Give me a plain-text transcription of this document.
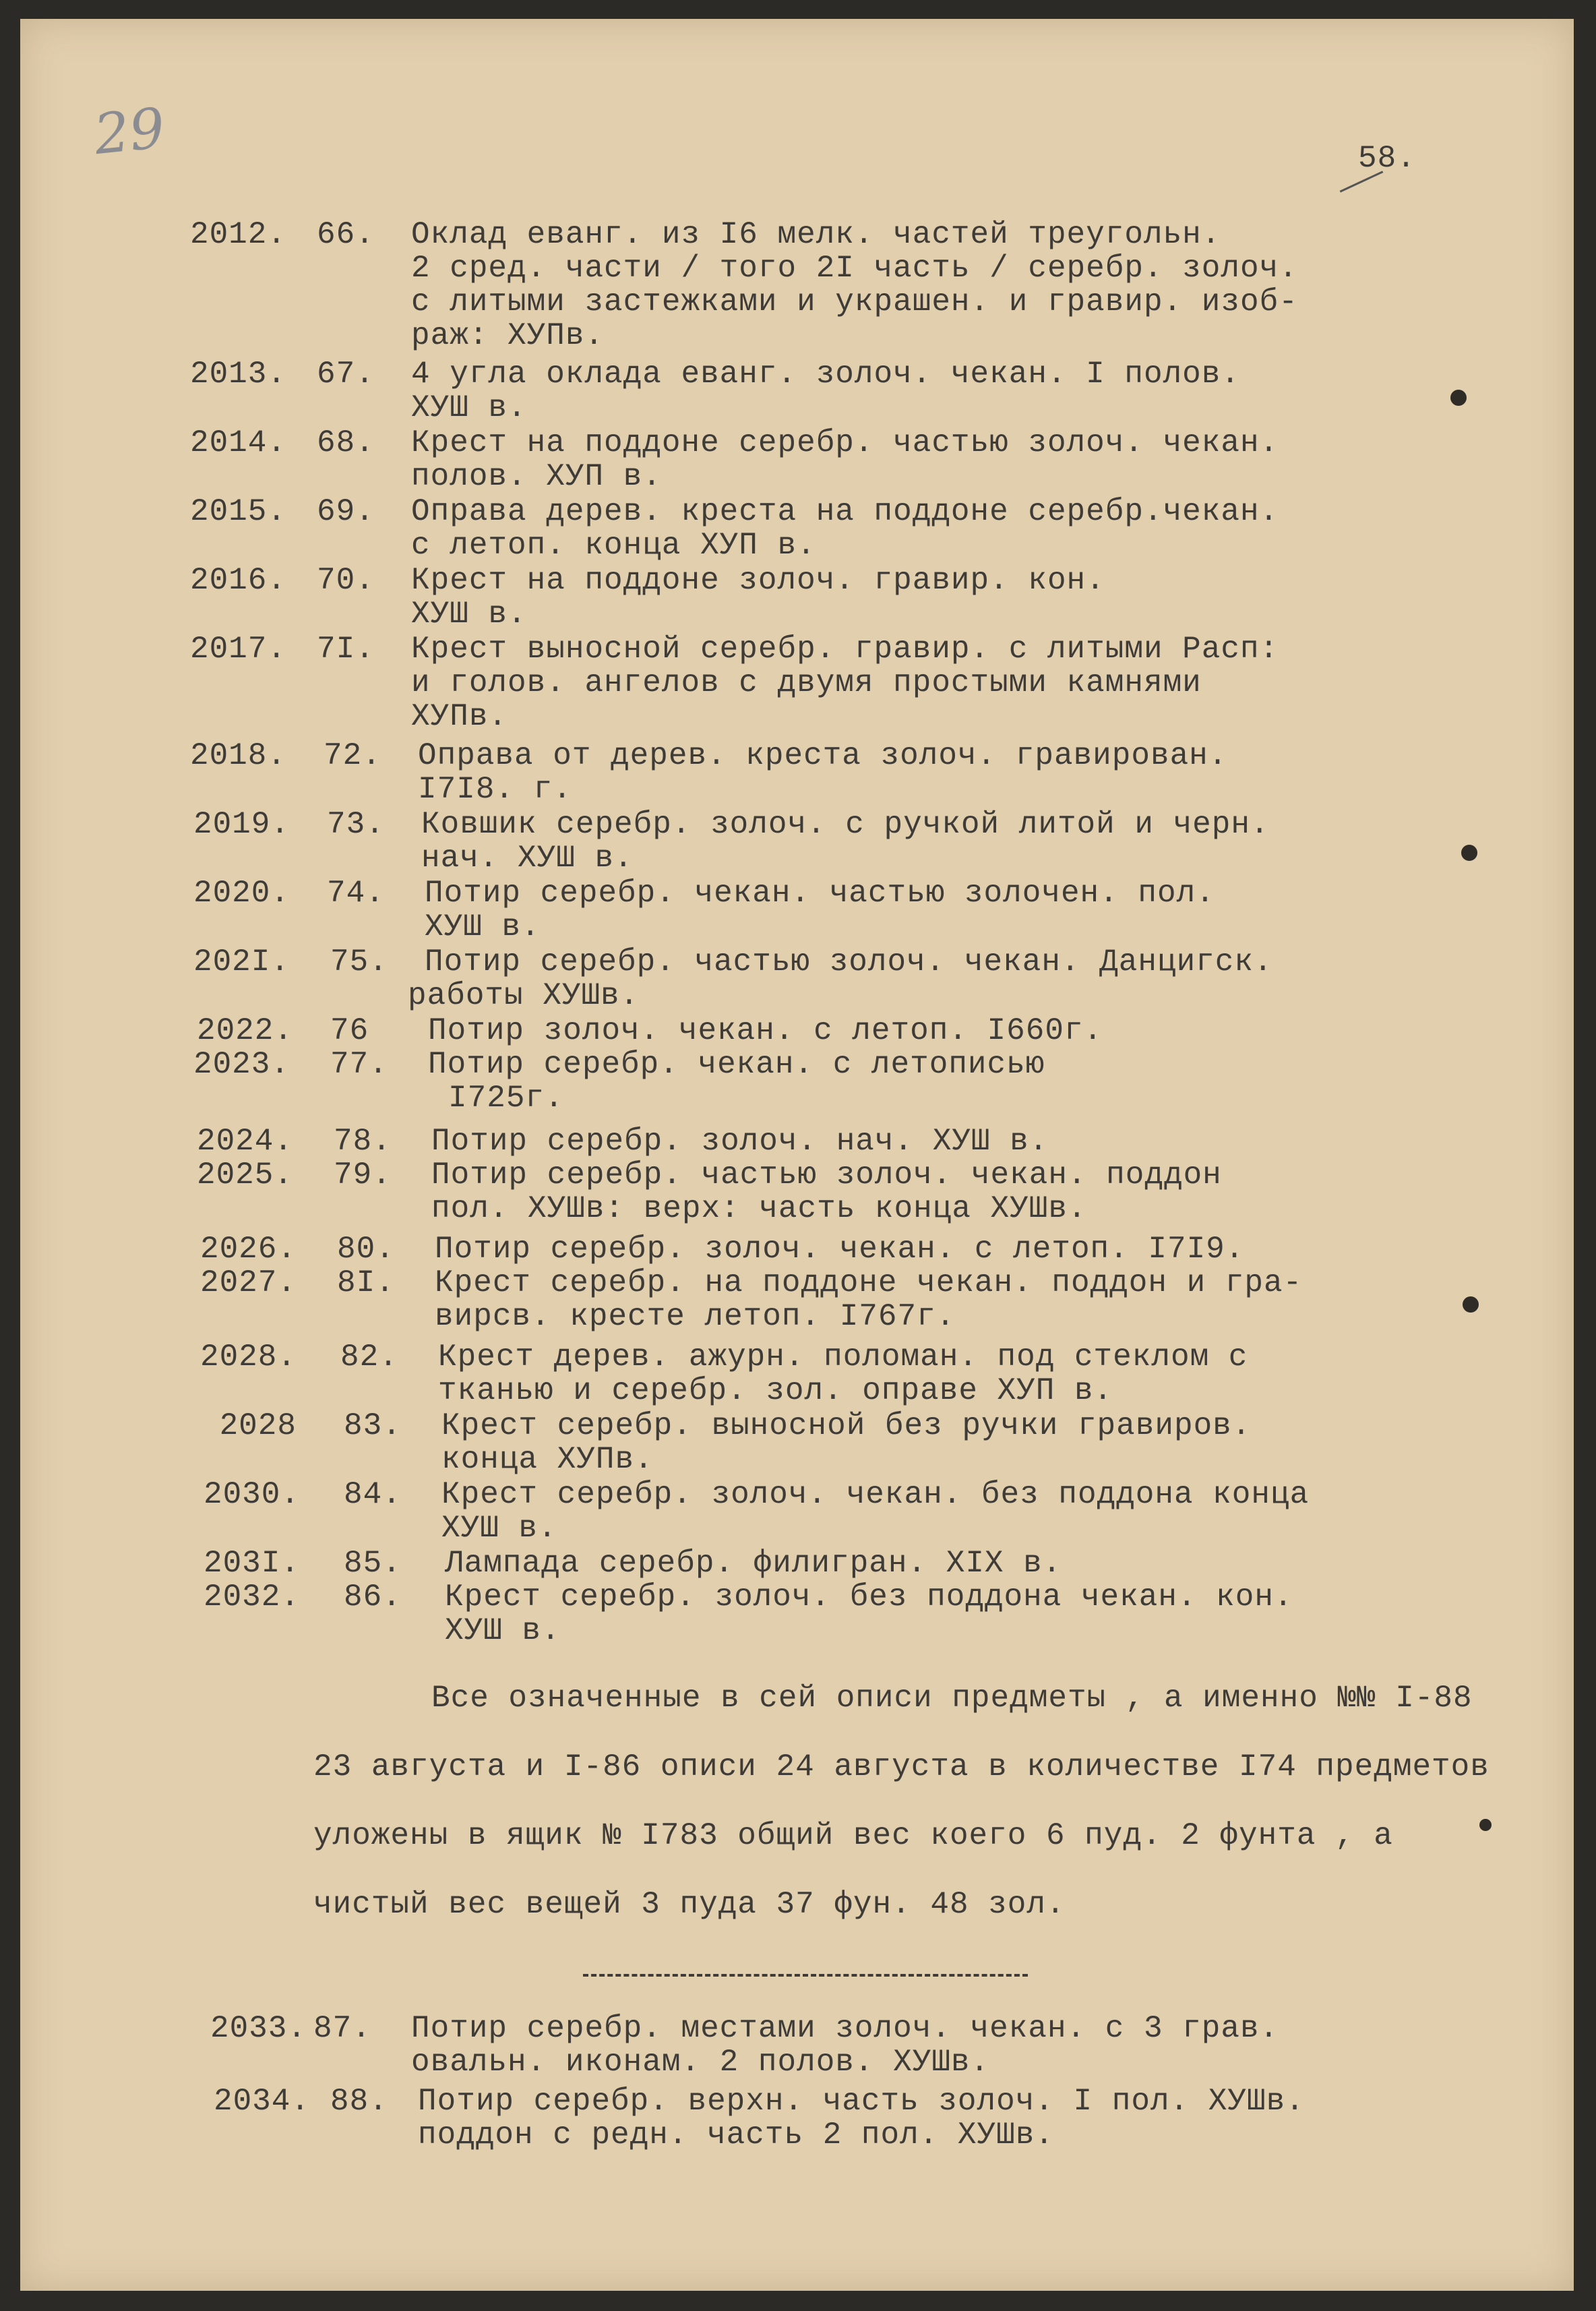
29	58.
2012. 66.	Оклад еванг. из I6 мелк. частей треугольн.
2 сред. части / того 2I часть / серебр. золоч.
с литыми застежками и украшен. и гравир. изоб-
раж: ХУПв.
2013. 67.	4 угла оклада еванг. золоч. чекан. I полов.
ХУШ в.
2014. 68.	Крест на поддоне серебр. частью золоч. чекан.
полов. ХУП в.
2015. 69.	Оправа дерев. креста на поддоне серебр.чекан.
с летоп. конца ХУП в.
2016. 70.	Крест на поддоне золоч. гравир. кон.
ХУШ в.
2017. 7I.	Крест выносной серебр. гравир. с литыми Расп:
и голов. ангелов с двумя простыми камнями
ХУПв.
2018. 72.	Оправа от дерев. креста золоч. гравирован.
I7I8. г.
2019. 73.	Ковшик серебр. золоч. с ручкой литой и черн.
нач. ХУШ в.
2020. 74.	Потир серебр. чекан. частью золочен. пол.
ХУШ в.
202I. 75.	Потир серебр. частью золоч. чекан. Данцигск.
работы ХУШв.
2022. 76	Потир золоч. чекан. с летоп. I660г.
2023. 77.	Потир серебр. чекан. с летописью
I725г.
2024. 78.	Потир серебр. золоч. нач. ХУШ в.
2025. 79.	Потир серебр. частью золоч. чекан. поддон
пол. ХУШв: верх: часть конца ХУШв.
2026. 80.	Потир серебр. золоч. чекан. с летоп. I7I9.
2027. 8I.	Крест серебр. на поддоне чекан. поддон и гра-
вирсв. кресте летоп. I767г.
2028. 82.	Крест дерев. ажурн. поломан. под стеклом с
тканью и серебр. зол. оправе ХУП в.
2028 83.	Крест серебр. выносной без ручки гравиров.
конца ХУПв.
2030. 84.	Крест серебр. золоч. чекан. без поддона конца
ХУШ в.
203I. 85.	Лампада серебр. филигран. XIX в.
2032. 86.	Крест серебр. золоч. без поддона чекан. кон.
ХУШ в.
Все означенные в сей описи предметы , а именно №№ I-88
23 августа и I-86 описи 24 августа в количестве I74 предметов
уложены в ящик № I783 общий вес коего 6 пуд. 2 фунта , а
чистый вес вещей 3 пуда 37 фун. 48 зол.
2033. 87.	Потир серебр. местами золоч. чекан. с 3 грав.
овальн. иконам. 2 полов. ХУШв.
2034. 88. Потир серебр. верхн. часть золоч. I пол. ХУШв.
поддон с редн. часть 2 пол. ХУШв.
